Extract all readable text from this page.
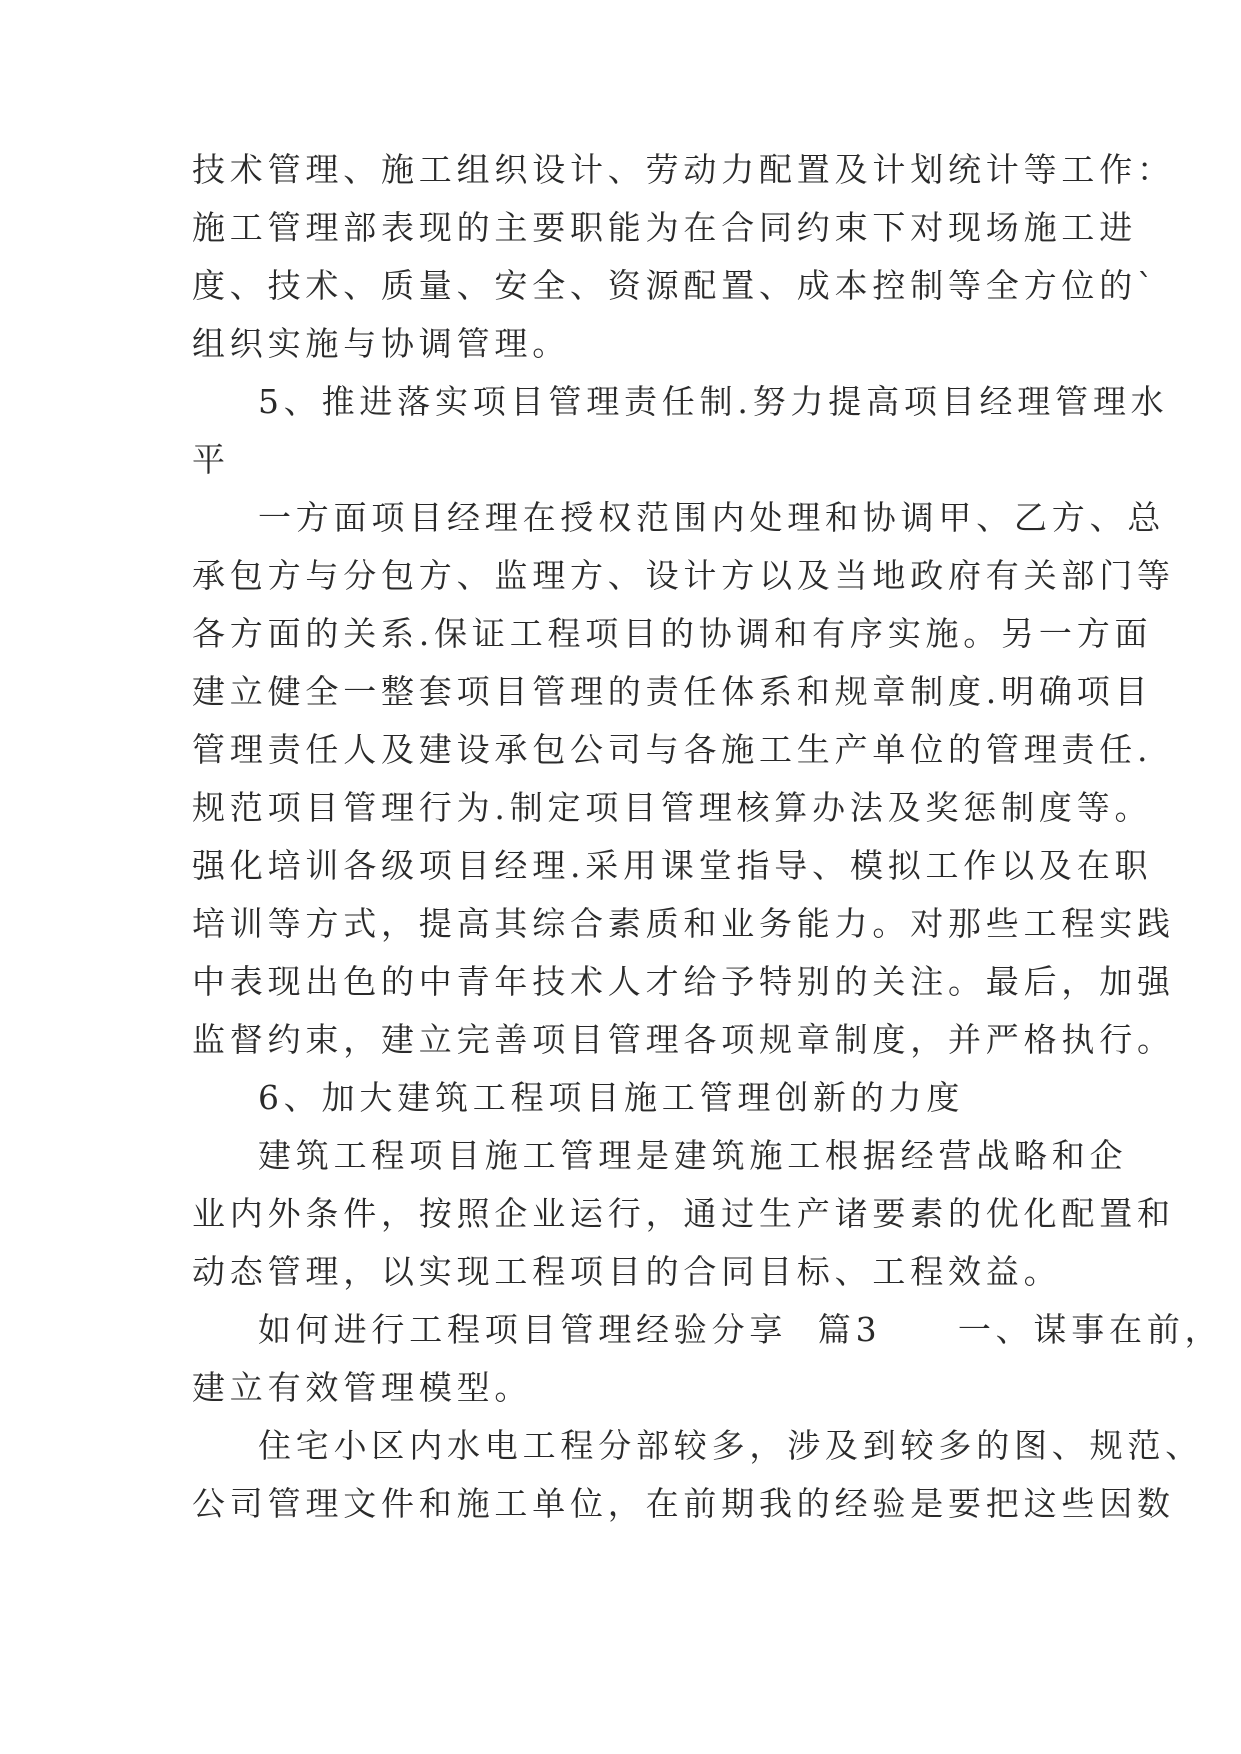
技术管理、施工组织设计、劳动力配置及计划统计等工作：
施工管理部表现的主要职能为在合同约束下对现场施工进
度、技术、质量、安全、资源配置、成本控制等全方位的`
组织实施与协调管理。
5、推进落实项目管理责任制.努力提高项目经理管理水
平
一方面项目经理在授权范围内处理和协调甲、乙方、总
承包方与分包方、监理方、设计方以及当地政府有关部门等
各方面的关系.保证工程项目的协调和有序实施。另一方面
建立健全一整套项目管理的责任体系和规章制度.明确项目
管理责任人及建设承包公司与各施工生产单位的管理责任.
规范项目管理行为.制定项目管理核算办法及奖惩制度等。
强化培训各级项目经理.采用课堂指导、模拟工作以及在职
培训等方式，提高其综合素质和业务能力。对那些工程实践
中表现出色的中青年技术人才给予特别的关注。最后，加强
监督约束，建立完善项目管理各项规章制度，并严格执行。
6、加大建筑工程项目施工管理创新的力度
建筑工程项目施工管理是建筑施工根据经营战略和企
业内外条件，按照企业运行，通过生产诸要素的优化配置和
动态管理，以实现工程项目的合同目标、工程效益。
如何进行工程项目管理经验分享  篇3     一、谋事在前，
建立有效管理模型。
住宅小区内水电工程分部较多，涉及到较多的图、规范、
公司管理文件和施工单位，在前期我的经验是要把这些因数
